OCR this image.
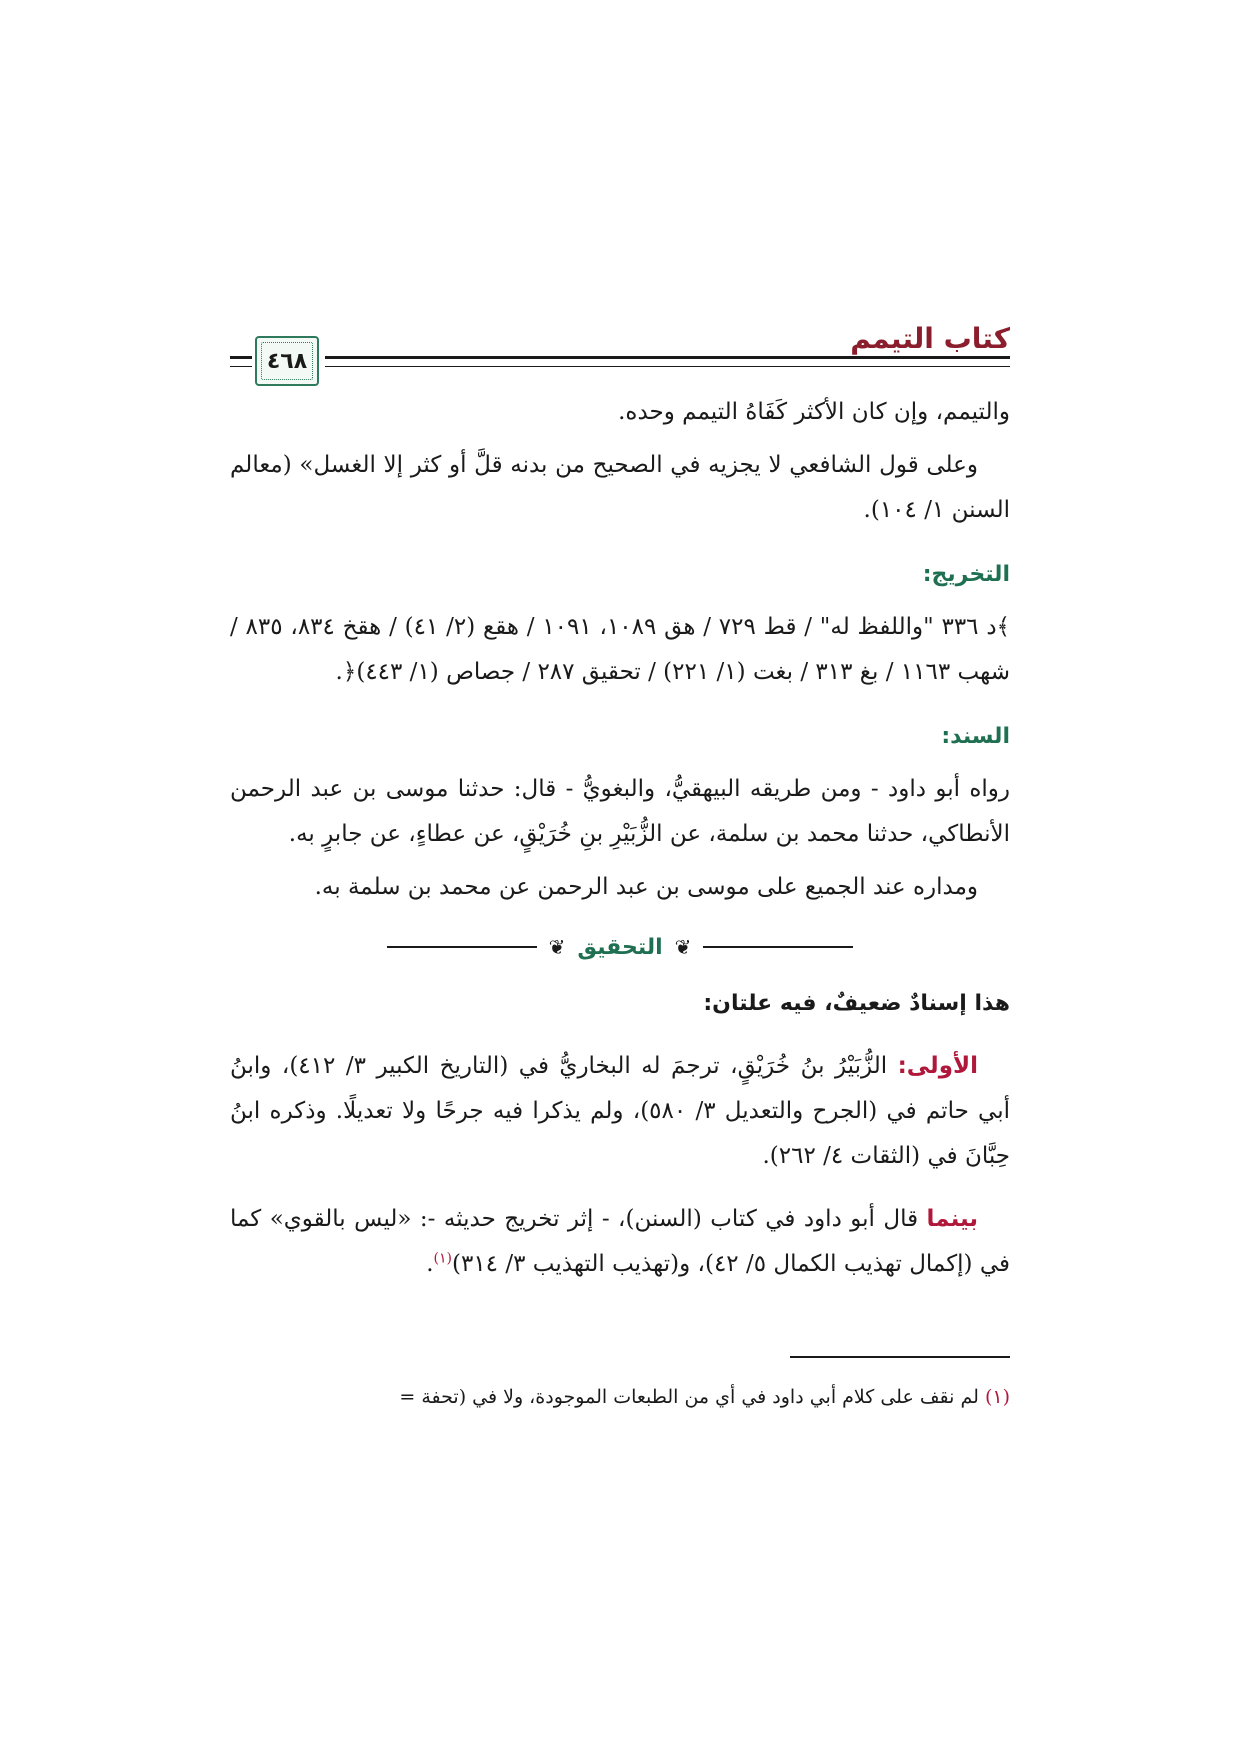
كتاب التيمم
٤٦٨

والتيمم، وإن كان الأكثر كَفَاهُ التيمم وحده.

وعلى قول الشافعي لا يجزيه في الصحيح من بدنه قلَّ أو كثر إلا الغسل» (معالم السنن ١/ ١٠٤).

التخريج:

﴾د ٣٣٦ "واللفظ له" / قط ٧٢٩ / هق ١٠٨٩، ١٠٩١ / هقع (٢/ ٤١) / هقخ ٨٣٤، ٨٣٥ / شهب ١١٦٣ / بغ ٣١٣ / بغت (١/ ٢٢١) / تحقيق ٢٨٧ / جصاص (١/ ٤٤٣)﴿.

السند:

رواه أبو داود - ومن طريقه البيهقيُّ، والبغويُّ - قال: حدثنا موسى بن عبد الرحمن الأنطاكي، حدثنا محمد بن سلمة، عن الزُّبَيْرِ بنِ خُرَيْقٍ، عن عطاءٍ، عن جابرٍ به.

ومداره عند الجميع على موسى بن عبد الرحمن عن محمد بن سلمة به.

❦
التحقيق
❦
هذا إسنادٌ ضعيفٌ، فيه علتان:

الأولى: الزُّبَيْرُ بنُ خُرَيْقٍ، ترجمَ له البخاريُّ في (التاريخ الكبير ٣/ ٤١٢)، وابنُ أبي حاتم في (الجرح والتعديل ٣/ ٥٨٠)، ولم يذكرا فيه جرحًا ولا تعديلًا. وذكره ابنُ حِبَّانَ في (الثقات ٤/ ٢٦٢).

بينما قال أبو داود في كتاب (السنن)، - إثر تخريج حديثه -: «ليس بالقوي» كما في (إكمال تهذيب الكمال ٥/ ٤٢)، و(تهذيب التهذيب ٣/ ٣١٤)$^{(١)}$.

(١) لم نقف على كلام أبي داود في أي من الطبعات الموجودة، ولا في (تحفة =
